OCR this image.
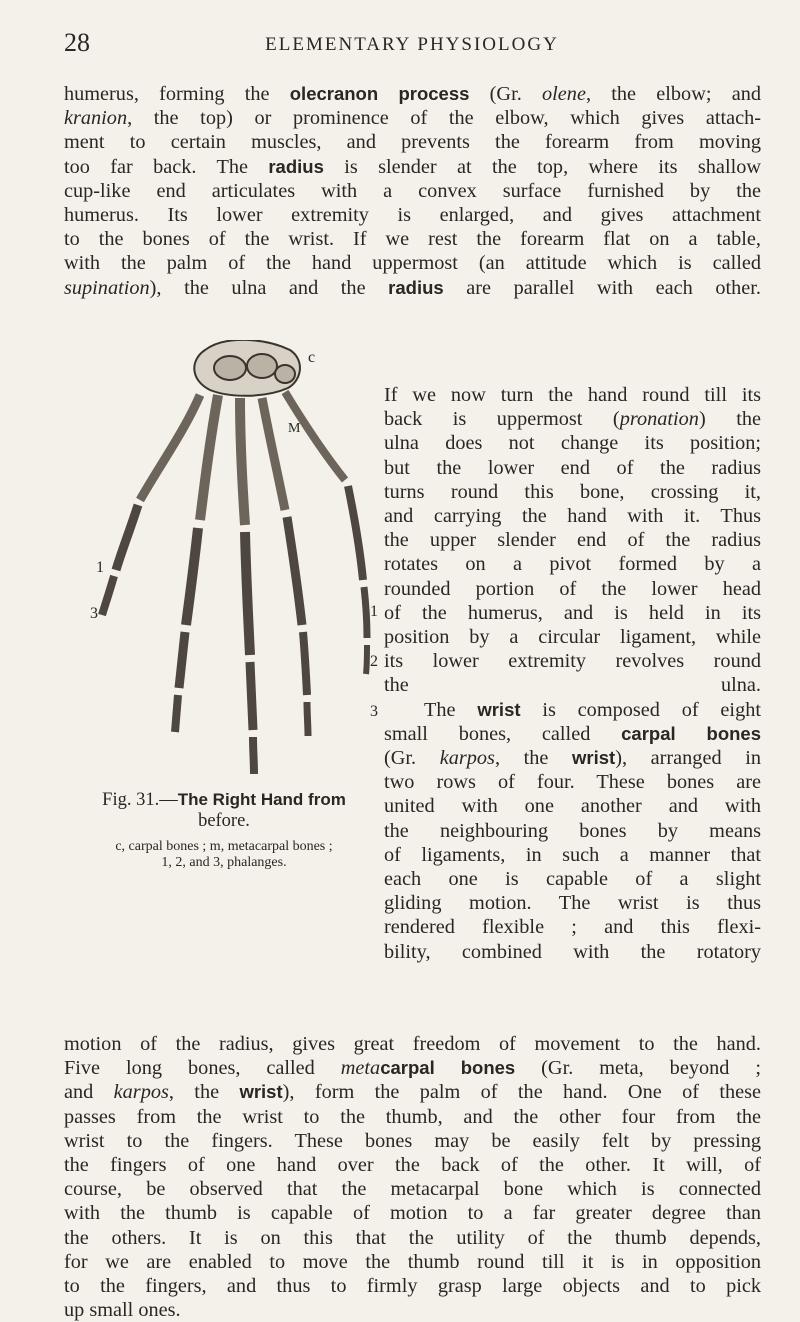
28	ELEMENTARY PHYSIOLOGY
humerus, forming the olecranon process (Gr. olene, the elbow; and
kranion, the top) or prominence of the elbow, which gives attach-
ment to certain muscles, and prevents the forearm from moving
too far back. The radius is slender at the top, where its shallow
cup-like end articulates with a convex surface furnished by the
humerus. Its lower extremity is enlarged, and gives attachment
to the bones of the wrist. If we rest the forearm flat on a table,
with the palm of the hand uppermost (an attitude which is called
supination), the ulna and the radius are parallel with each other.
If we now turn the hand round till its
back is uppermost (pronation) the
ulna does not change its position;
but the lower end of the radius
turns round this bone, crossing it,
and carrying the hand with it. Thus
the upper slender end of the radius
rotates on a pivot formed by a
rounded portion of the lower head
of the humerus, and is held in its
position by a circular ligament, while
its lower extremity revolves round
the ulna.
The wrist is composed of eight
small bones, called carpal bones
(Gr. karpos, the wrist), arranged in
two rows of four. These bones are
united with one another and with
the neighbouring bones by means
of ligaments, in such a manner that
each one is capable of a slight
gliding motion. The wrist is thus
rendered flexible ; and this flexi-
bility, combined with the rotatory
c
M
1
3	1
2
3
Fig. 31.—The Right Hand from
before.
c, carpal bones ; m, metacarpal bones ;
1, 2, and 3, phalanges.
motion of the radius, gives great freedom of movement to the hand.
Five long bones, called metacarpal bones (Gr. meta, beyond ;
and karpos, the wrist), form the palm of the hand. One of these
passes from the wrist to the thumb, and the other four from the
wrist to the fingers. These bones may be easily felt by pressing
the fingers of one hand over the back of the other. It will, of
course, be observed that the metacarpal bone which is connected
with the thumb is capable of motion to a far greater degree than
the others. It is on this that the utility of the thumb depends,
for we are enabled to move the thumb round till it is in opposition
to the fingers, and thus to firmly grasp large objects and to pick
up small ones.
